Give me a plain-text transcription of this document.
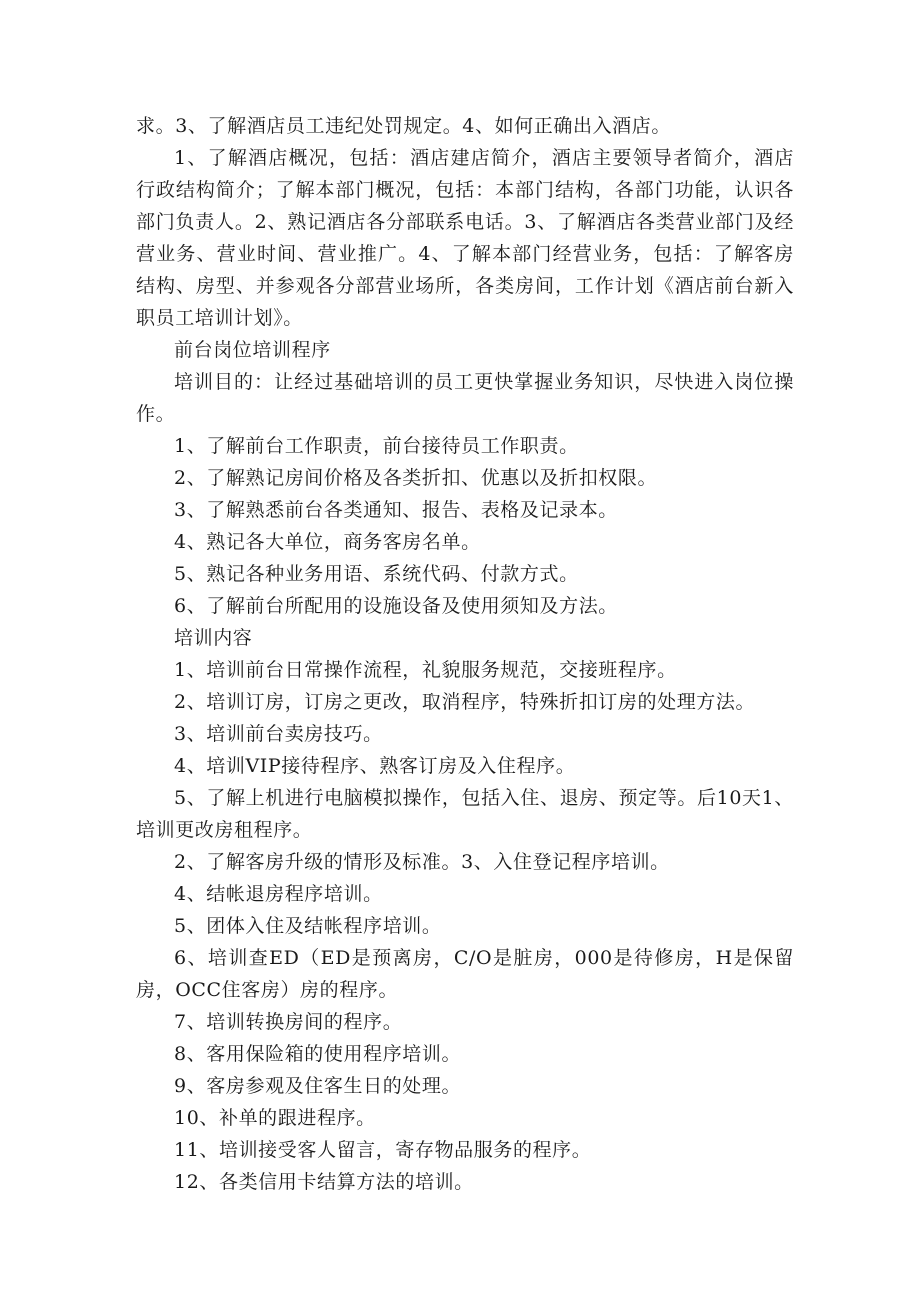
求。3、了解酒店员工违纪处罚规定。4、如何正确出入酒店。

1、了解酒店概况，包括：酒店建店简介，酒店主要领导者简介，酒店行政结构简介；了解本部门概况，包括：本部门结构，各部门功能，认识各部门负责人。2、熟记酒店各分部联系电话。3、了解酒店各类营业部门及经营业务、营业时间、营业推广。4、了解本部门经营业务，包括：了解客房结构、房型、并参观各分部营业场所，各类房间，工作计划《酒店前台新入职员工培训计划》。

前台岗位培训程序

培训目的：让经过基础培训的员工更快掌握业务知识，尽快进入岗位操作。

1、了解前台工作职责，前台接待员工作职责。

2、了解熟记房间价格及各类折扣、优惠以及折扣权限。

3、了解熟悉前台各类通知、报告、表格及记录本。

4、熟记各大单位，商务客房名单。

5、熟记各种业务用语、系统代码、付款方式。

6、了解前台所配用的设施设备及使用须知及方法。

培训内容

1、培训前台日常操作流程，礼貌服务规范，交接班程序。

2、培训订房，订房之更改，取消程序，特殊折扣订房的处理方法。

3、培训前台卖房技巧。

4、培训VIP接待程序、熟客订房及入住程序。

5、了解上机进行电脑模拟操作，包括入住、退房、预定等。后10天1、培训更改房租程序。

2、了解客房升级的情形及标准。3、入住登记程序培训。

4、结帐退房程序培训。

5、团体入住及结帐程序培训。

6、培训查ED（ED是预离房，C/O是脏房，000是待修房，H是保留房，OCC住客房）房的程序。

7、培训转换房间的程序。

8、客用保险箱的使用程序培训。

9、客房参观及住客生日的处理。

10、补单的跟进程序。

11、培训接受客人留言，寄存物品服务的程序。

12、各类信用卡结算方法的培训。
